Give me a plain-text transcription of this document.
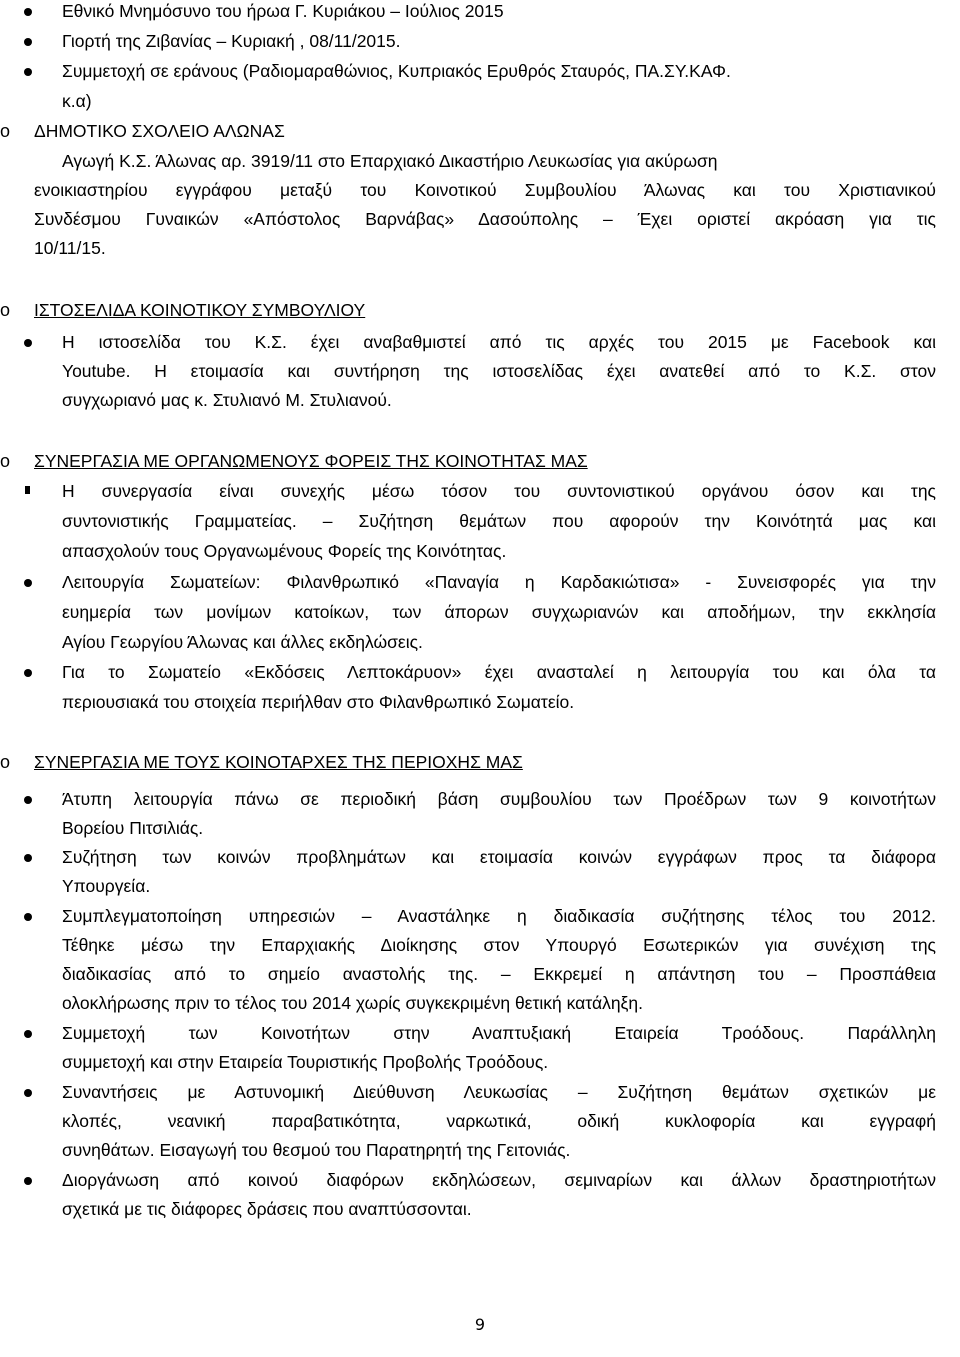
Εθνικό Μνημόσυνο του ήρωα Γ. Κυριάκου – Ιούλιος 2015
Γιορτή της Ζιβανίας – Κυριακή , 08/11/2015.
Συμμετοχή σε εράνους (Ραδιομαραθώνιος, Κυπριακός Ερυθρός Σταυρός, ΠΑ.ΣΥ.ΚΑΦ.
κ.α)
o ΔΗΜΟΤΙΚΟ ΣΧΟΛΕΙΟ ΑΛΩΝΑΣ
Αγωγή Κ.Σ. Άλωνας αρ. 3919/11 στο Επαρχιακό Δικαστήριο Λευκωσίας για ακύρωση
ενοικιαστηρίου εγγράφου μεταξύ του Κοινοτικού Συμβουλίου Άλωνας και του Χριστιανικού
Συνδέσμου Γυναικών «Απόστολος Βαρνάβας» Δασούπολης – Έχει οριστεί ακρόαση για τις
10/11/15.
o ΙΣΤΟΣΕΛΙΔΑ ΚΟΙΝΟΤΙΚΟΥ ΣΥΜΒΟΥΛΙΟΥ
Η ιστοσελίδα του Κ.Σ. έχει αναβαθμιστεί από τις αρχές του 2015 με Facebook και
Youtube. Η ετοιμασία και συντήρηση της ιστοσελίδας έχει ανατεθεί από το Κ.Σ. στον
συγχωριανό μας κ. Στυλιανό Μ. Στυλιανού.
o ΣΥΝΕΡΓΑΣΙΑ ΜΕ ΟΡΓΑΝΩΜΕΝΟΥΣ ΦΟΡΕΙΣ ΤΗΣ ΚΟΙΝΟΤΗΤΑΣ ΜΑΣ
Η συνεργασία είναι συνεχής μέσω τόσον του συντονιστικού οργάνου όσον και της
συντονιστικής Γραμματείας. – Συζήτηση θεμάτων που αφορούν την Κοινότητά μας και
απασχολούν τους Οργανωμένους Φορείς της Κοινότητας.
Λειτουργία Σωματείων: Φιλανθρωπικό «Παναγία η Καρδακιώτισα» - Συνεισφορές για την
ευημερία των μονίμων κατοίκων, των άπορων συγχωριανών και αποδήμων, την εκκλησία
Αγίου Γεωργίου Άλωνας και άλλες εκδηλώσεις.
Για το Σωματείο «Εκδόσεις Λεπτοκάρυον» έχει ανασταλεί η λειτουργία του και όλα τα
περιουσιακά του στοιχεία περιήλθαν στο Φιλανθρωπικό Σωματείο.
o ΣΥΝΕΡΓΑΣΙΑ ΜΕ ΤΟΥΣ ΚΟΙΝΟΤΑΡΧΕΣ ΤΗΣ ΠΕΡΙΟΧΗΣ ΜΑΣ
Άτυπη λειτουργία πάνω σε περιοδική βάση συμβουλίου των Προέδρων των 9 κοινοτήτων
Βορείου Πιτσιλιάς.
Συζήτηση των κοινών προβλημάτων και ετοιμασία κοινών εγγράφων προς τα διάφορα
Υπουργεία.
Συμπλεγματοποίηση υπηρεσιών – Αναστάληκε η διαδικασία συζήτησης τέλος του 2012.
Τέθηκε μέσω την Επαρχιακής Διοίκησης στον Υπουργό Εσωτερικών για συνέχιση της
διαδικασίας από το σημείο αναστολής της. – Εκκρεμεί η απάντηση του – Προσπάθεια
ολοκλήρωσης πριν το τέλος του 2014 χωρίς συγκεκριμένη θετική κατάληξη.
Συμμετοχή των Κοινοτήτων στην Αναπτυξιακή Εταιρεία Τρoόδους. Παράλληλη
συμμετοχή και στην Εταιρεία Τουριστικής Προβολής Τροόδους.
Συναντήσεις με Αστυνομική Διεύθυνση Λευκωσίας – Συζήτηση θεμάτων σχετικών με
κλοπές, νεανική παραβατικότητα, ναρκωτικά, οδική κυκλοφορία και εγγραφή
συνηθάτων. Εισαγωγή του θεσμού του Παρατηρητή της Γειτονιάς.
Διοργάνωση από κοινού διαφόρων εκδηλώσεων, σεμιναρίων και άλλων δραστηριοτήτων
σχετικά με τις διάφορες δράσεις που αναπτύσσονται.
9
